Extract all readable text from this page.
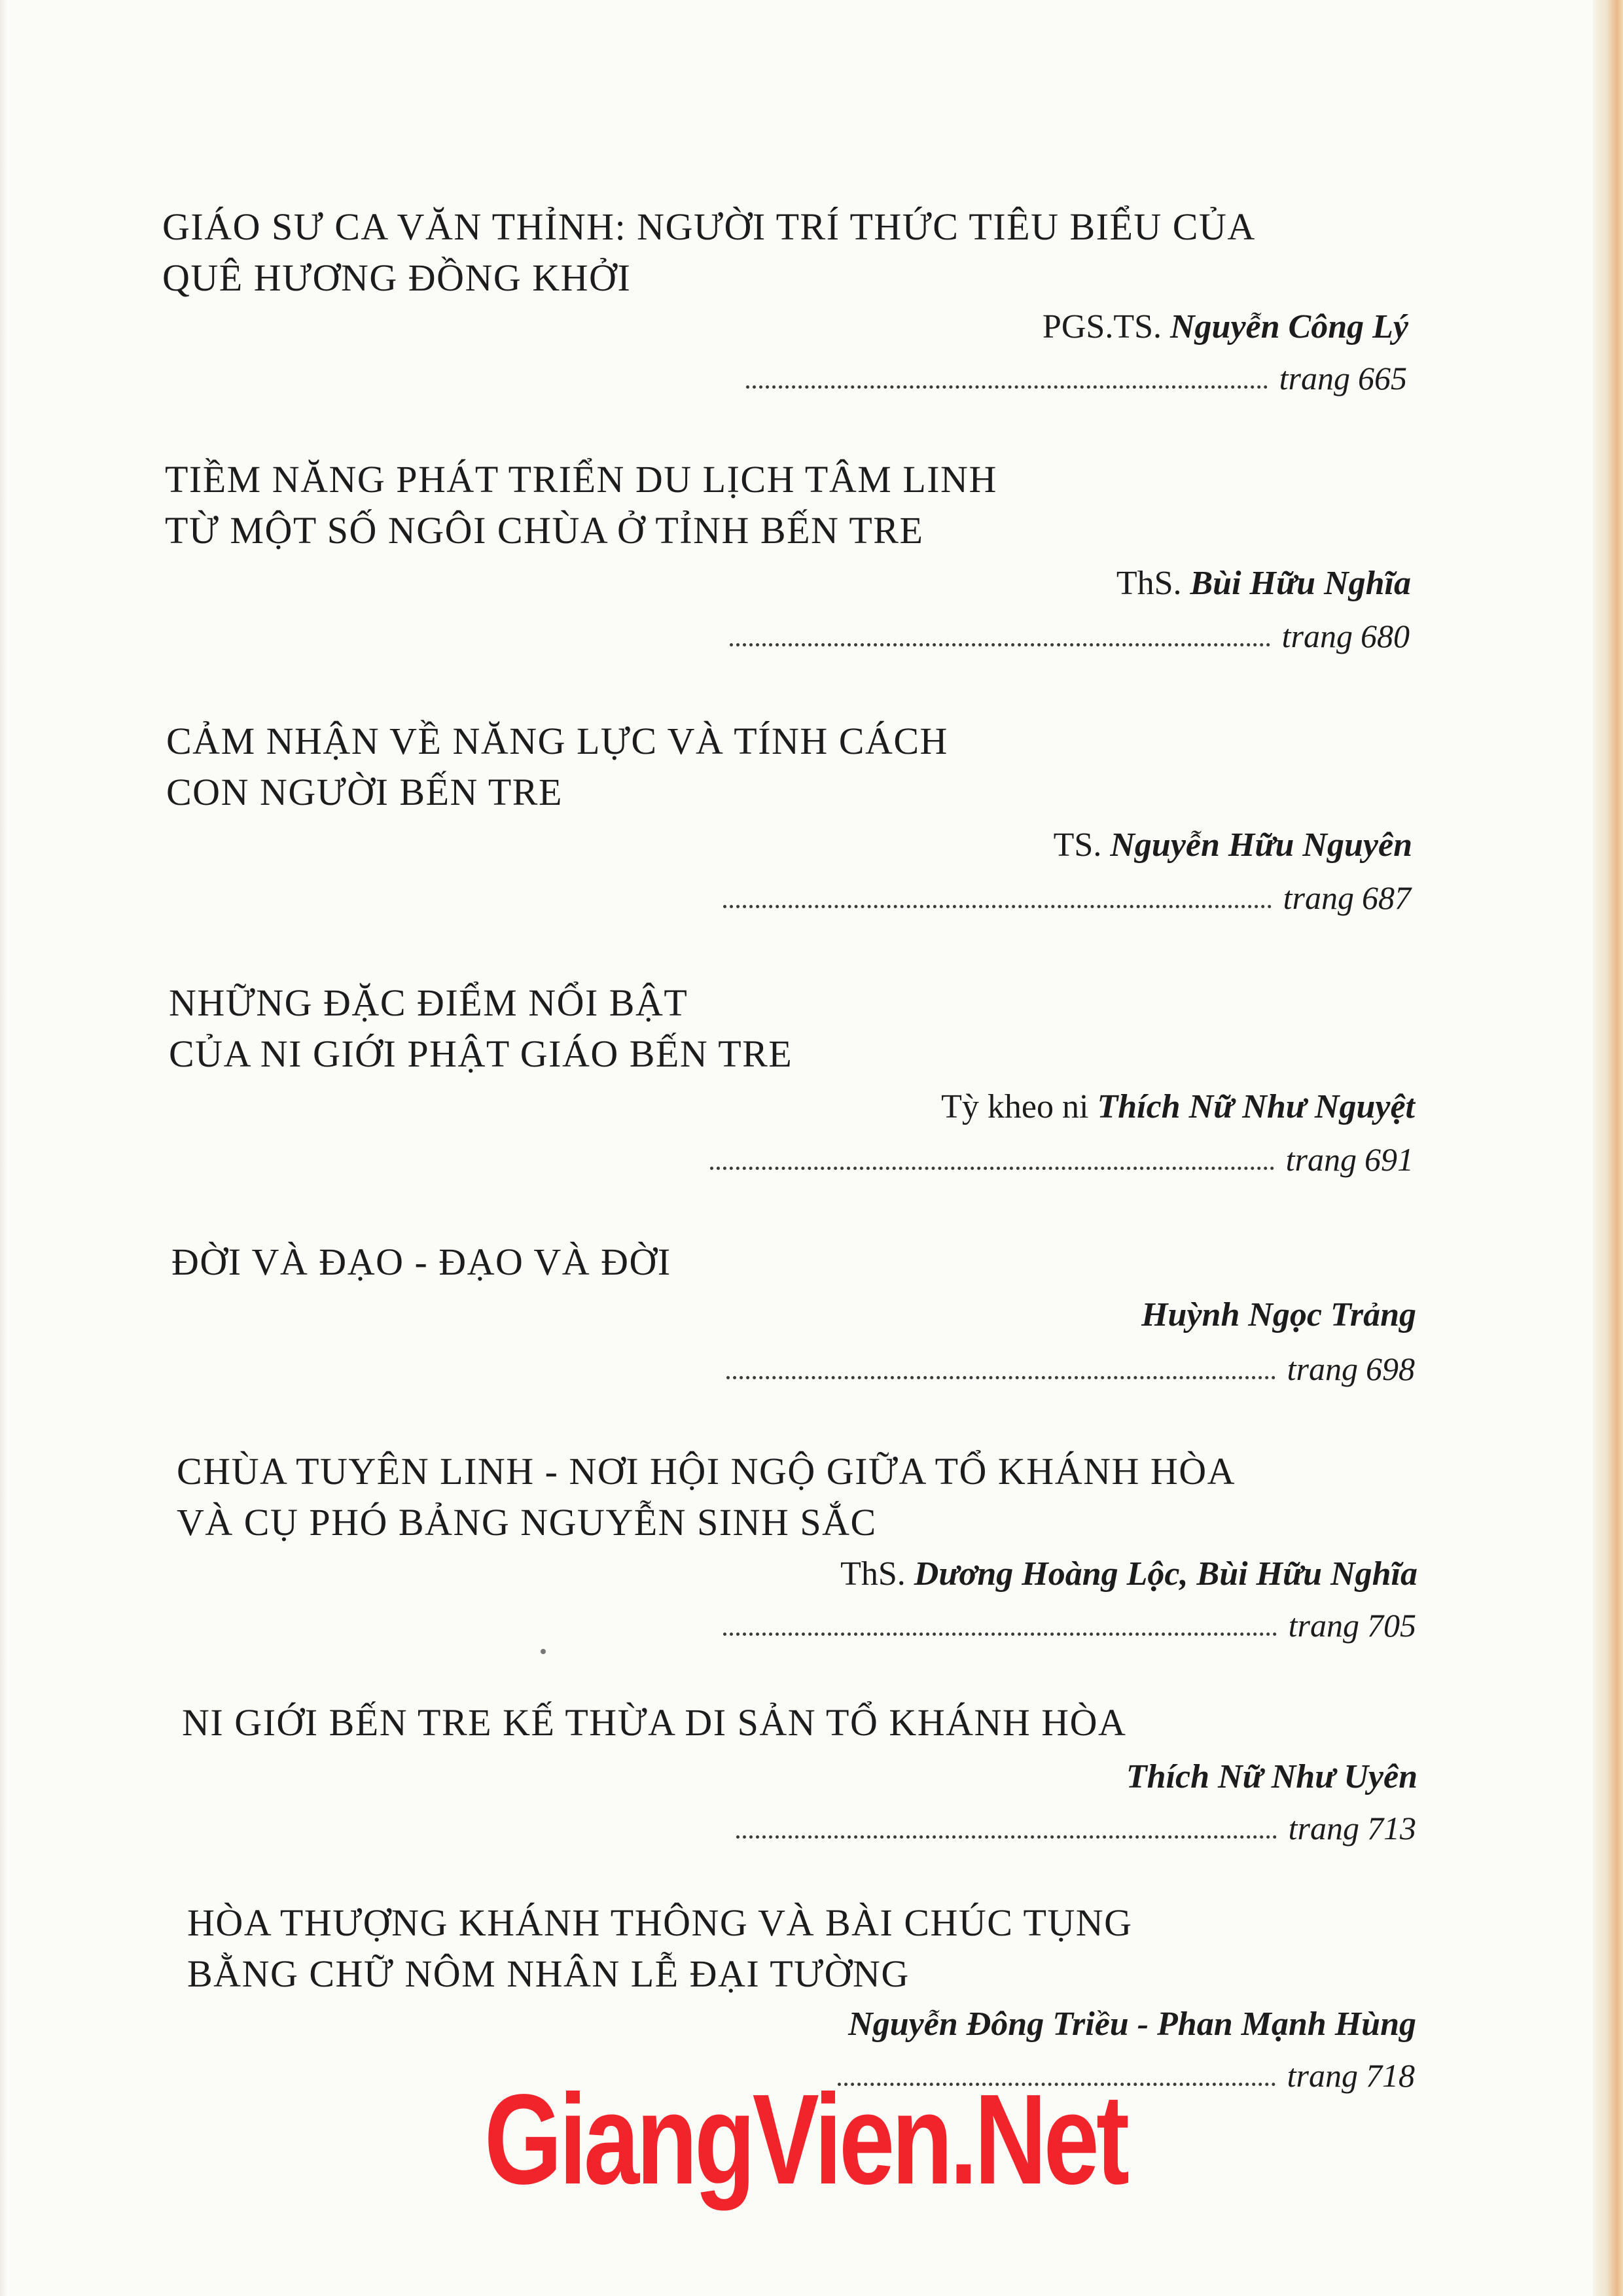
GIÁO SƯ CA VĂN THỈNH: NGƯỜI TRÍ THỨC TIÊU BIỂU CỦA
QUÊ HƯƠNG ĐỒNG KHỞI
PGS.TS. Nguyễn Công Lý
trang 665
TIỀM NĂNG PHÁT TRIỂN DU LỊCH TÂM LINH
TỪ MỘT SỐ NGÔI CHÙA Ở TỈNH BẾN TRE
ThS. Bùi Hữu Nghĩa
trang 680
CẢM NHẬN VỀ NĂNG LỰC VÀ TÍNH CÁCH
CON NGƯỜI BẾN TRE
TS. Nguyễn Hữu Nguyên
trang 687
NHỮNG ĐẶC ĐIỂM NỔI BẬT
CỦA NI GIỚI PHẬT GIÁO BẾN TRE
Tỳ kheo ni Thích Nữ Như Nguyệt
trang 691
ĐỜI VÀ ĐẠO - ĐẠO VÀ ĐỜI
Huỳnh Ngọc Trảng
trang 698
CHÙA TUYÊN LINH - NƠI HỘI NGỘ GIỮA TỔ KHÁNH HÒA
VÀ CỤ PHÓ BẢNG NGUYỄN SINH SẮC
ThS. Dương Hoàng Lộc, Bùi Hữu Nghĩa
trang 705
NI GIỚI BẾN TRE KẾ THỪA DI SẢN TỔ KHÁNH HÒA
Thích Nữ Như Uyên
trang 713
HÒA THƯỢNG KHÁNH THÔNG VÀ BÀI CHÚC TỤNG
BẰNG CHỮ NÔM NHÂN LỄ ĐẠI TƯỜNG
Nguyễn Đông Triều - Phan Mạnh Hùng
trang 718
GiangVien.Net
